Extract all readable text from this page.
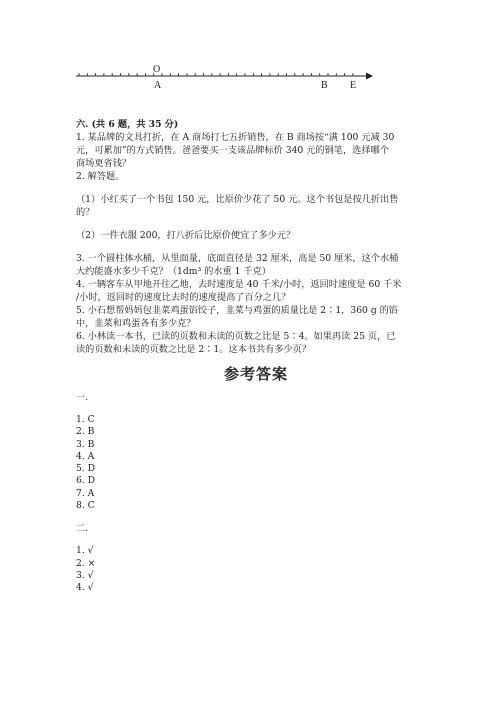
O
A	B E

六. (共 6 题，共 35 分)

1. 某品牌的文具打折，在 A 商场打七五折销售，在 B 商场按“满 100 元减 30

元，可累加”的方式销售。爸爸要买一支该品牌标价 340 元的钢笔，选择哪个

商场更省钱？

2. 解答题。

（1）小红买了一个书包 150 元，比原价少花了 50 元。这个书包是按几折出售

的？

（2）一件衣服 200，打八折后比原价便宜了多少元？

3. 一个圆柱体水桶，从里面量，底面直径是 32 厘米，高是 50 厘米，这个水桶

大约能盛水多少千克？（1dm³ 的水重 1 千克）

4. 一辆客车从甲地开往乙地，去时速度是 40 千米/小时，返回时速度是 60 千米

/小时，返回时的速度比去时的速度提高了百分之几？

5. 小石想帮妈妈包韭菜鸡蛋馅饺子，韭菜与鸡蛋的质量比是 2∶1，360 g 的馅

中，韭菜和鸡蛋各有多少克？

6. 小林读一本书，已读的页数和未读的页数之比是 5∶4。如果再读 25 页，已

读的页数和未读的页数之比是 2∶1。这本书共有多少页？

参考答案

一.

1. C

2. B

3. B

4. A

5. D

6. D

7. A

8. C

二.

1. √

2. ×

3. √

4. √
